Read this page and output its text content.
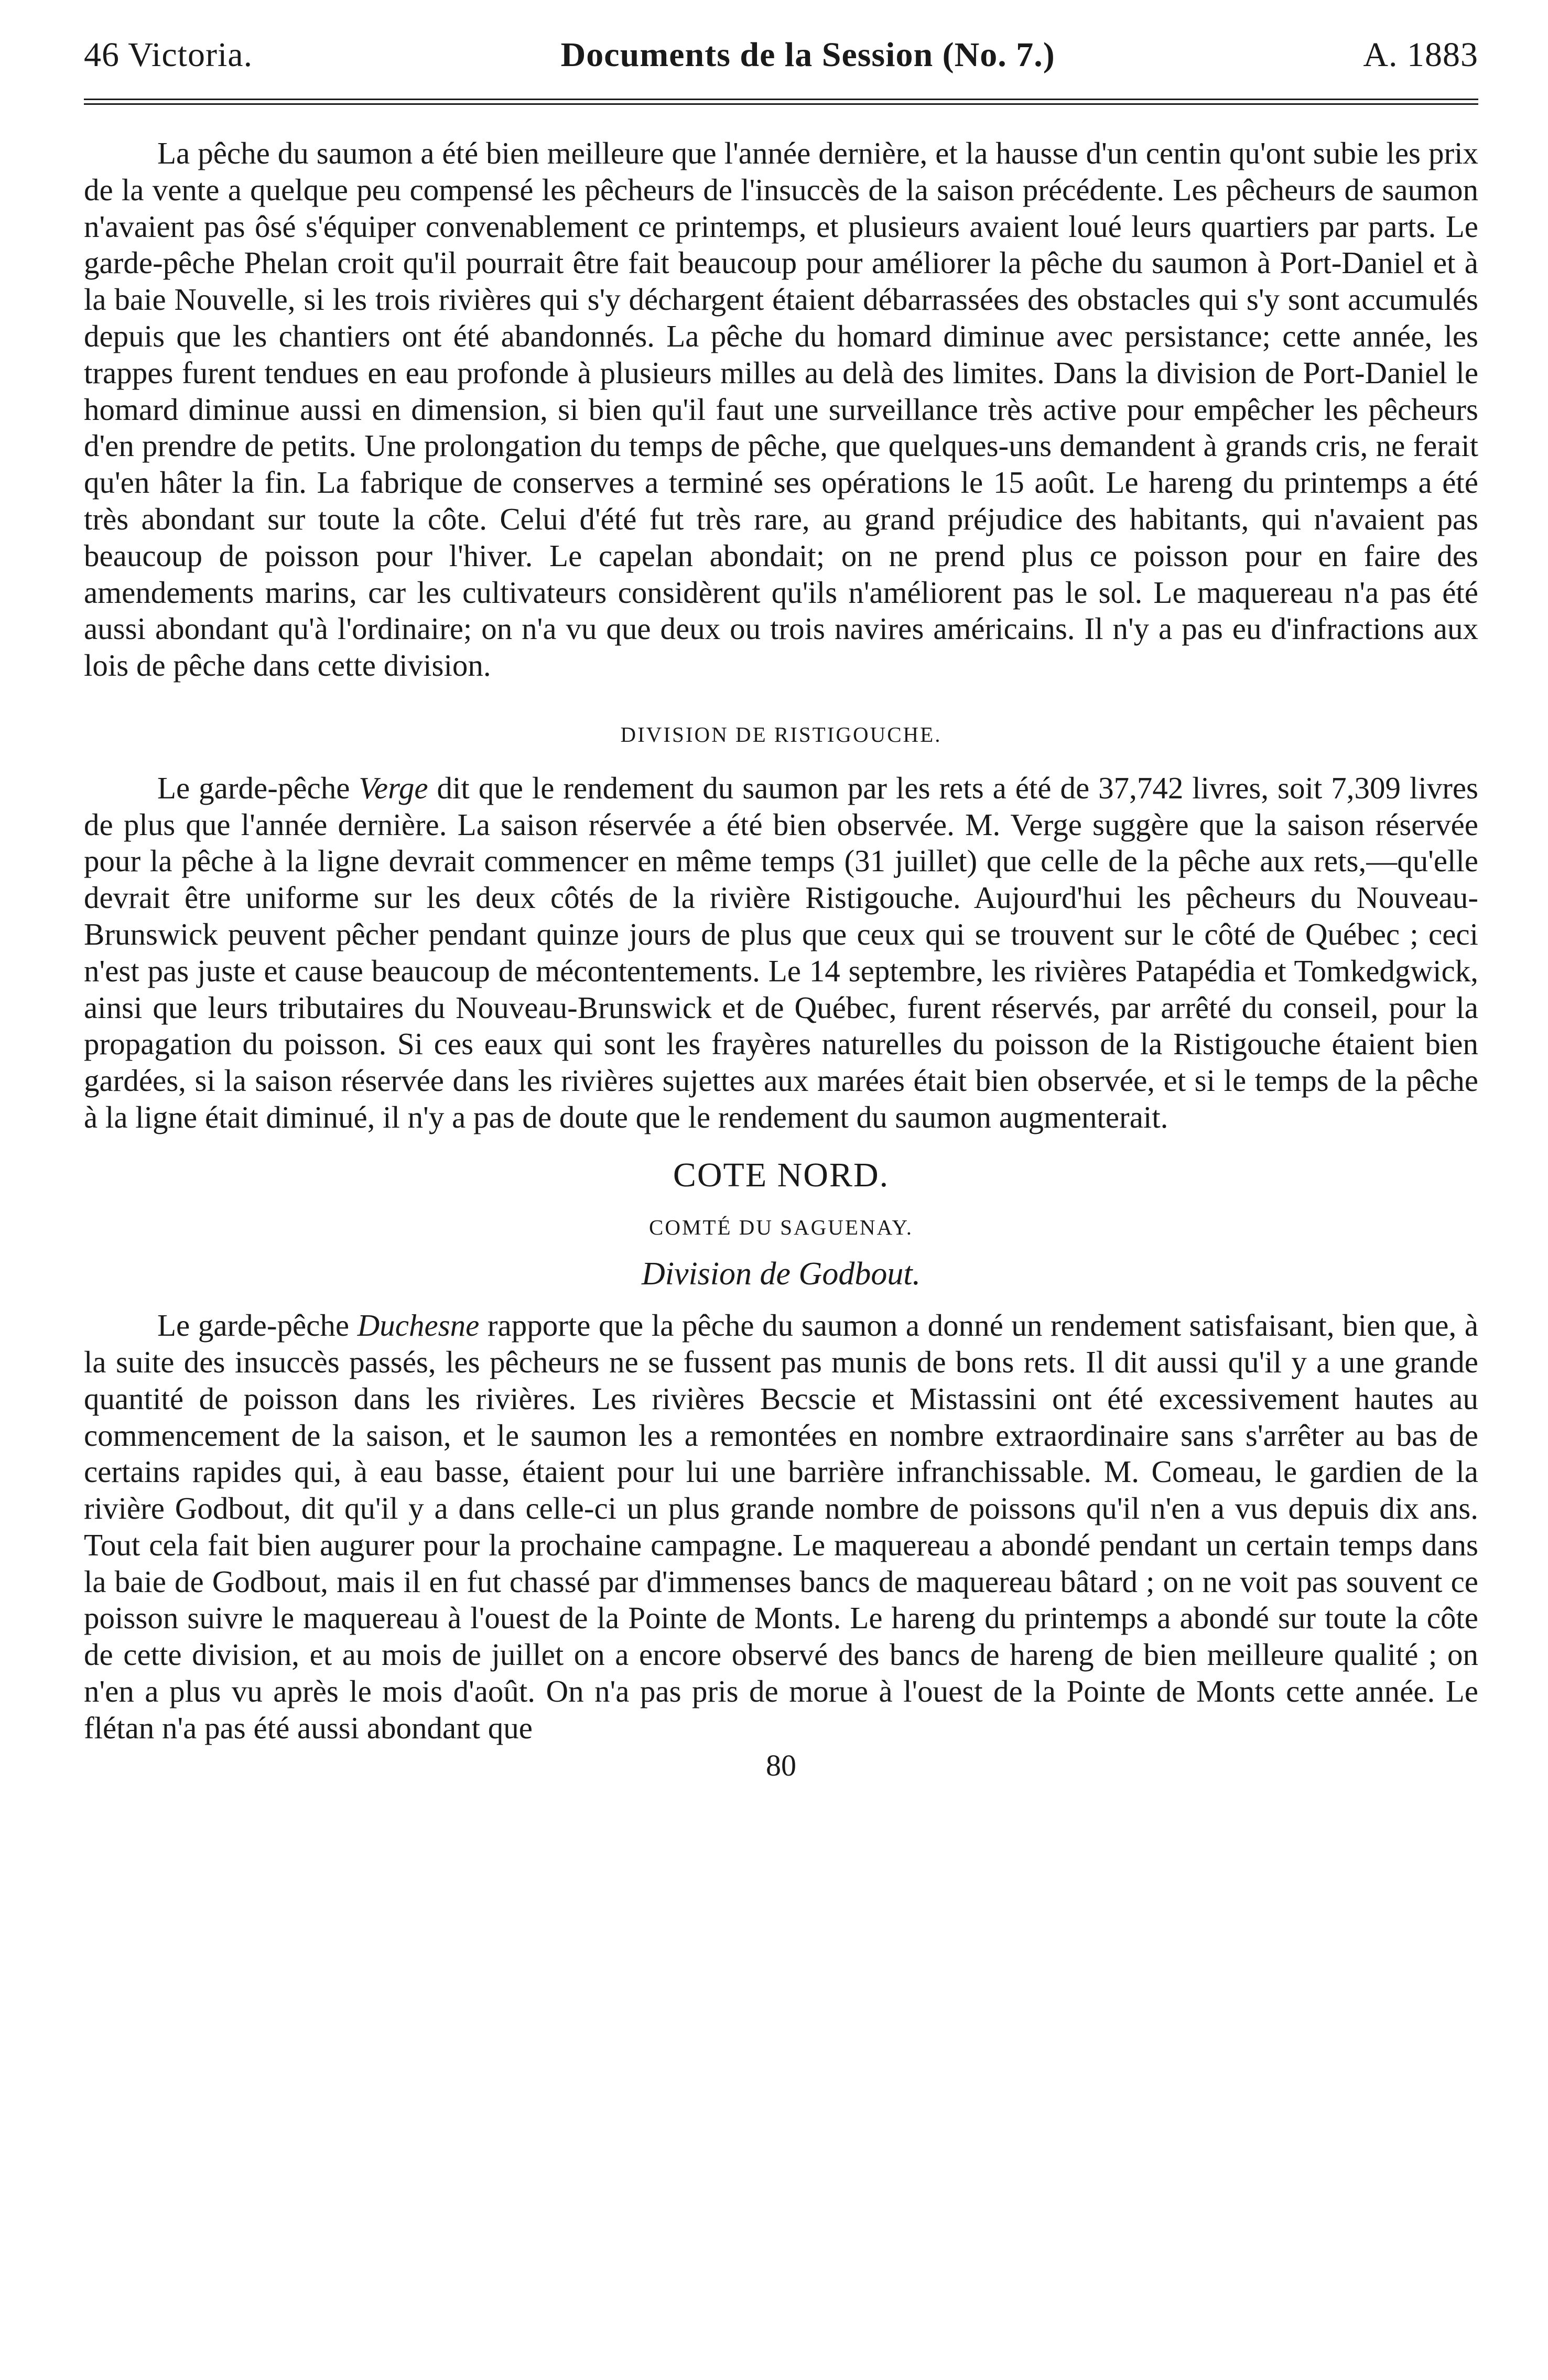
46 Victoria.	Documents de la Session (No. 7.)	A. 1883

La pêche du saumon a été bien meilleure que l'année dernière, et la hausse d'un centin qu'ont subie les prix de la vente a quelque peu compensé les pêcheurs de l'insuccès de la saison précédente. Les pêcheurs de saumon n'avaient pas ôsé s'équiper convenablement ce printemps, et plusieurs avaient loué leurs quartiers par parts. Le garde-pêche Phelan croit qu'il pourrait être fait beaucoup pour améliorer la pêche du saumon à Port-Daniel et à la baie Nouvelle, si les trois rivières qui s'y déchargent étaient débarrassées des obstacles qui s'y sont accumulés depuis que les chantiers ont été abandonnés. La pêche du homard diminue avec persistance; cette année, les trappes furent tendues en eau profonde à plusieurs milles au delà des limites. Dans la division de Port-Daniel le homard diminue aussi en dimension, si bien qu'il faut une surveillance très active pour empêcher les pêcheurs d'en prendre de petits. Une prolongation du temps de pêche, que quelques-uns demandent à grands cris, ne ferait qu'en hâter la fin. La fabrique de conserves a terminé ses opérations le 15 août. Le hareng du printemps a été très abondant sur toute la côte. Celui d'été fut très rare, au grand préjudice des habitants, qui n'avaient pas beaucoup de poisson pour l'hiver. Le capelan abondait; on ne prend plus ce poisson pour en faire des amendements marins, car les cultivateurs considèrent qu'ils n'améliorent pas le sol. Le maquereau n'a pas été aussi abondant qu'à l'ordinaire; on n'a vu que deux ou trois navires américains. Il n'y a pas eu d'infractions aux lois de pêche dans cette division.

DIVISION DE RISTIGOUCHE.

Le garde-pêche Verge dit que le rendement du saumon par les rets a été de 37,742 livres, soit 7,309 livres de plus que l'année dernière. La saison réservée a été bien observée. M. Verge suggère que la saison réservée pour la pêche à la ligne devrait commencer en même temps (31 juillet) que celle de la pêche aux rets,—qu'elle devrait être uniforme sur les deux côtés de la rivière Ristigouche. Aujourd'hui les pêcheurs du Nouveau-Brunswick peuvent pêcher pendant quinze jours de plus que ceux qui se trouvent sur le côté de Québec ; ceci n'est pas juste et cause beaucoup de mécontentements. Le 14 septembre, les rivières Patapédia et Tomkedgwick, ainsi que leurs tributaires du Nouveau-Brunswick et de Québec, furent réservés, par arrêté du conseil, pour la propagation du poisson. Si ces eaux qui sont les frayères naturelles du poisson de la Ristigouche étaient bien gardées, si la saison réservée dans les rivières sujettes aux marées était bien observée, et si le temps de la pêche à la ligne était diminué, il n'y a pas de doute que le rendement du saumon augmenterait.

COTE NORD.
COMTÉ DU SAGUENAY.
Division de Godbout.

Le garde-pêche Duchesne rapporte que la pêche du saumon a donné un rendement satisfaisant, bien que, à la suite des insuccès passés, les pêcheurs ne se fussent pas munis de bons rets. Il dit aussi qu'il y a une grande quantité de poisson dans les rivières. Les rivières Becscie et Mistassini ont été excessivement hautes au commencement de la saison, et le saumon les a remontées en nombre extraordinaire sans s'arrêter au bas de certains rapides qui, à eau basse, étaient pour lui une barrière infranchissable. M. Comeau, le gardien de la rivière Godbout, dit qu'il y a dans celle-ci un plus grande nombre de poissons qu'il n'en a vus depuis dix ans. Tout cela fait bien augurer pour la prochaine campagne. Le maquereau a abondé pendant un certain temps dans la baie de Godbout, mais il en fut chassé par d'immenses bancs de maquereau bâtard ; on ne voit pas souvent ce poisson suivre le maquereau à l'ouest de la Pointe de Monts. Le hareng du printemps a abondé sur toute la côte de cette division, et au mois de juillet on a encore observé des bancs de hareng de bien meilleure qualité ; on n'en a plus vu après le mois d'août. On n'a pas pris de morue à l'ouest de la Pointe de Monts cette année. Le flétan n'a pas été aussi abondant que

80
